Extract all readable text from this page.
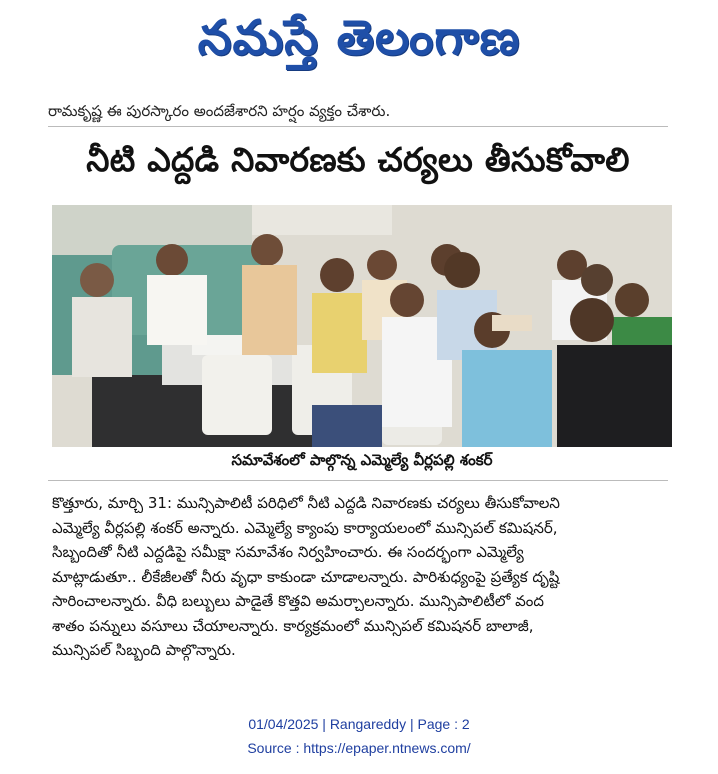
నమస్తే తెలంగాణ
రామకృష్ణ ఈ పురస్కారం అందజేశారని హర్షం వ్యక్తం చేశారు.
నీటి ఎద్దడి నివారణకు చర్యలు తీసుకోవాలి
సమావేశంలో పాల్గొన్న ఎమ్మెల్యే వీర్లపల్లి శంకర్

కొత్తూరు, మార్చి 31: మున్సిపాలిటీ పరిధిలో నీటి ఎద్దడి నివారణకు చర్యలు తీసుకోవాలని

ఎమ్మెల్యే వీర్లపల్లి శంకర్ అన్నారు. ఎమ్మెల్యే క్యాంపు కార్యాయలంలో మున్సిపల్ కమిషనర్,

సిబ్బందితో నీటి ఎద్దడిపై సమీక్షా సమావేశం నిర్వహించారు. ఈ సందర్భంగా ఎమ్మెల్యే

మాట్లాడుతూ.. లీకేజీలతో నీరు వృధా కాకుండా చూడాలన్నారు. పారిశుధ్యంపై ప్రత్యేక దృష్టి

సారించాలన్నారు. వీధి బల్బులు పాడైతే కొత్తవి అమర్చాలన్నారు. మున్సిపాలిటీలో వంద

శాతం పన్నులు వసూలు చేయాలన్నారు. కార్యక్రమంలో మున్సిపల్ కమిషనర్ బాలాజీ,

మున్సిపల్ సిబ్బంది పాల్గొన్నారు.

01/04/2025 | Rangareddy | Page : 2
Source : https://epaper.ntnews.com/
